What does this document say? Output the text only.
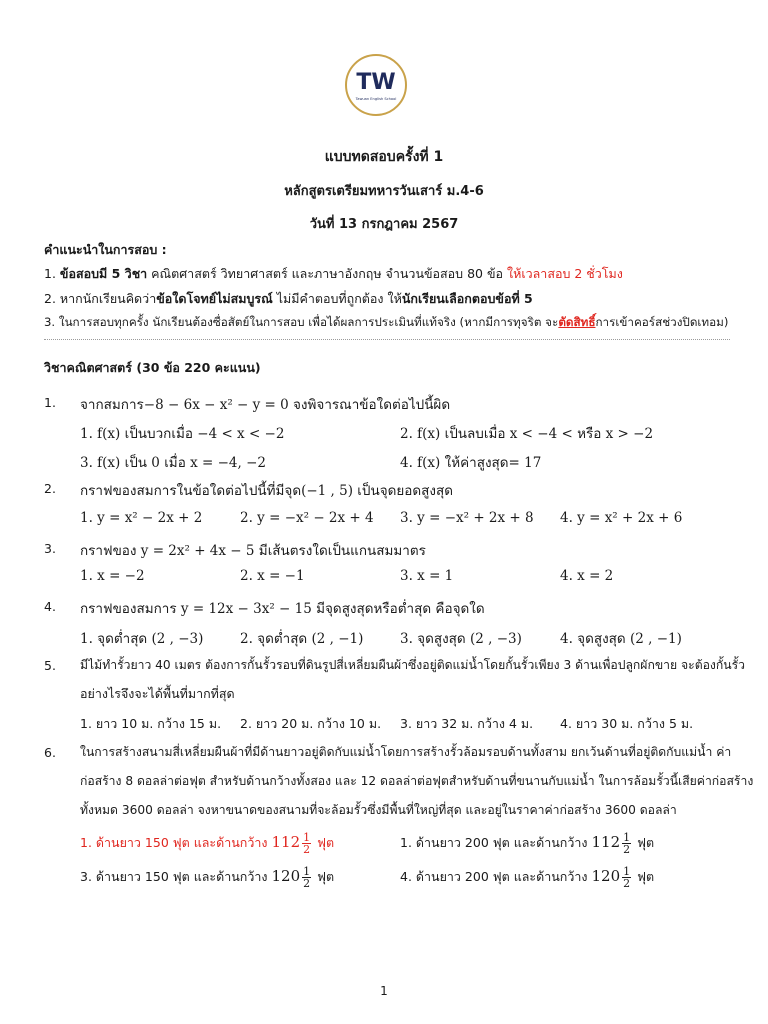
TW
Tawuan English School
แบบทดสอบครั้งที่ 1
หลักสูตรเตรียมทหารวันเสาร์ ม.4-6
วันที่ 13 กรกฎาคม 2567
คำแนะนำในการสอบ :
1. ข้อสอบมี 5 วิชา คณิตศาสตร์ วิทยาศาสตร์ และภาษาอังกฤษ จำนวนข้อสอบ 80 ข้อ ให้เวลาสอบ 2 ชั่วโมง
2. หากนักเรียนคิดว่าข้อใดโจทย์ไม่สมบูรณ์ ไม่มีคำตอบที่ถูกต้อง ให้นักเรียนเลือกตอบข้อที่ 5
3. ในการสอบทุกครั้ง นักเรียนต้องซื่อสัตย์ในการสอบ เพื่อได้ผลการประเมินที่แท้จริง (หากมีการทุจริต จะตัดสิทธิ์การเข้าคอร์สช่วงปิดเทอม)
วิชาคณิตศาสตร์ (30 ข้อ 220 คะแนน)
1. จากสมการ−8 − 6x − x² − y = 0 จงพิจารณาข้อใดต่อไปนี้ผิด
1. f(x) เป็นบวกเมื่อ −4 < x < −2	2. f(x) เป็นลบเมื่อ x < −4 < หรือ x > −2
3. f(x) เป็น 0 เมื่อ x = −4, −2	4. f(x) ให้ค่าสูงสุด= 17
2. กราฟของสมการในข้อใดต่อไปนี้ที่มีจุด(−1 , 5) เป็นจุดยอดสูงสุด
1. y = x² − 2x + 2	2. y = −x² − 2x + 4 3. y = −x² + 2x + 8 4. y = x² + 2x + 6
3. กราฟของ y = 2x² + 4x − 5 มีเส้นตรงใดเป็นแกนสมมาตร
1. x = −2	2. x = −1	3. x = 1	4. x = 2
4. กราฟของสมการ y = 12x − 3x² − 15 มีจุดสูงสุดหรือต่ำสุด คือจุดใด
1. จุดต่ำสุด (2 , −3)	2. จุดต่ำสุด (2 , −1)	3. จุดสูงสุด (2 , −3)	4. จุดสูงสุด (2 , −1)
5. มีไม้ทำรั้วยาว 40 เมตร ต้องการกั้นรั้วรอบที่ดินรูปสี่เหลี่ยมผืนผ้าซึ่งอยู่ติดแม่น้ำโดยกั้นรั้วเพียง 3 ด้านเพื่อปลูกผักขาย จะต้องกั้นรั้ว
อย่างไรจึงจะได้พื้นที่มากที่สุด
1. ยาว 10 ม. กว้าง 15 ม. 2. ยาว 20 ม. กว้าง 10 ม. 3. ยาว 32 ม. กว้าง 4 ม. 4. ยาว 30 ม. กว้าง 5 ม.
6. ในการสร้างสนามสี่เหลี่ยมผืนผ้าที่มีด้านยาวอยู่ติดกับแม่น้ำโดยการสร้างรั้วล้อมรอบด้านทั้งสาม ยกเว้นด้านที่อยู่ติดกับแม่น้ำ ค่า
ก่อสร้าง 8 ดอลล่าต่อฟุต สำหรับด้านกว้างทั้งสอง และ 12 ดอลล่าต่อฟุตสำหรับด้านที่ขนานกับแม่น้ำ ในการล้อมรั้วนี้เสียค่าก่อสร้าง
ทั้งหมด 3600 ดอลล่า จงหาขนาดของสนามที่จะล้อมรั้วซึ่งมีพื้นที่ใหญ่ที่สุด และอยู่ในราคาค่าก่อสร้าง 3600 ดอลล่า
1. ด้านยาว 150 ฟุต และด้านกว้าง $112 \frac{1}{2}$ ฟุต	1. ด้านยาว 200 ฟุต และด้านกว้าง $112 \frac{1}{2}$ ฟุต
3. ด้านยาว 150 ฟุต และด้านกว้าง $120 \frac{1}{2}$ ฟุต	4. ด้านยาว 200 ฟุต และด้านกว้าง $120 \frac{1}{2}$ ฟุต
1
